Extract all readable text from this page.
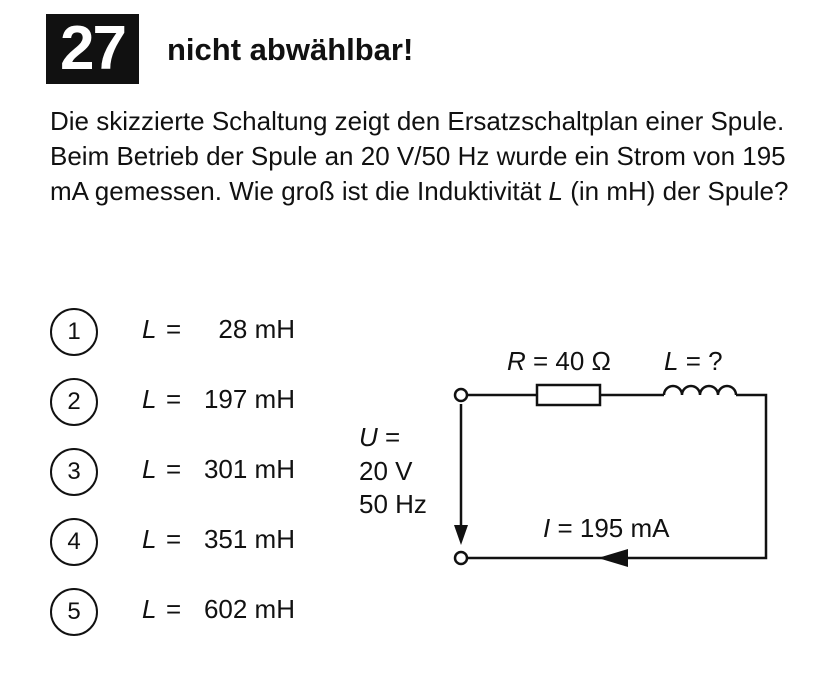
27	nicht abwählbar!
Die skizzierte Schaltung zeigt den Ersatzschaltplan einer Spule. Beim Betrieb der Spule an 20 V/50 Hz wurde ein Strom von 195 mA gemessen. Wie groß ist die Induktivität L (in mH) der Spule?
1	L =	28 mH
2	L = 197 mH
3	L = 301 mH
4	L = 351 mH
5	L = 602 mH
R = 40 Ω L = ?
U =
20 V
50 Hz
I = 195 mA
